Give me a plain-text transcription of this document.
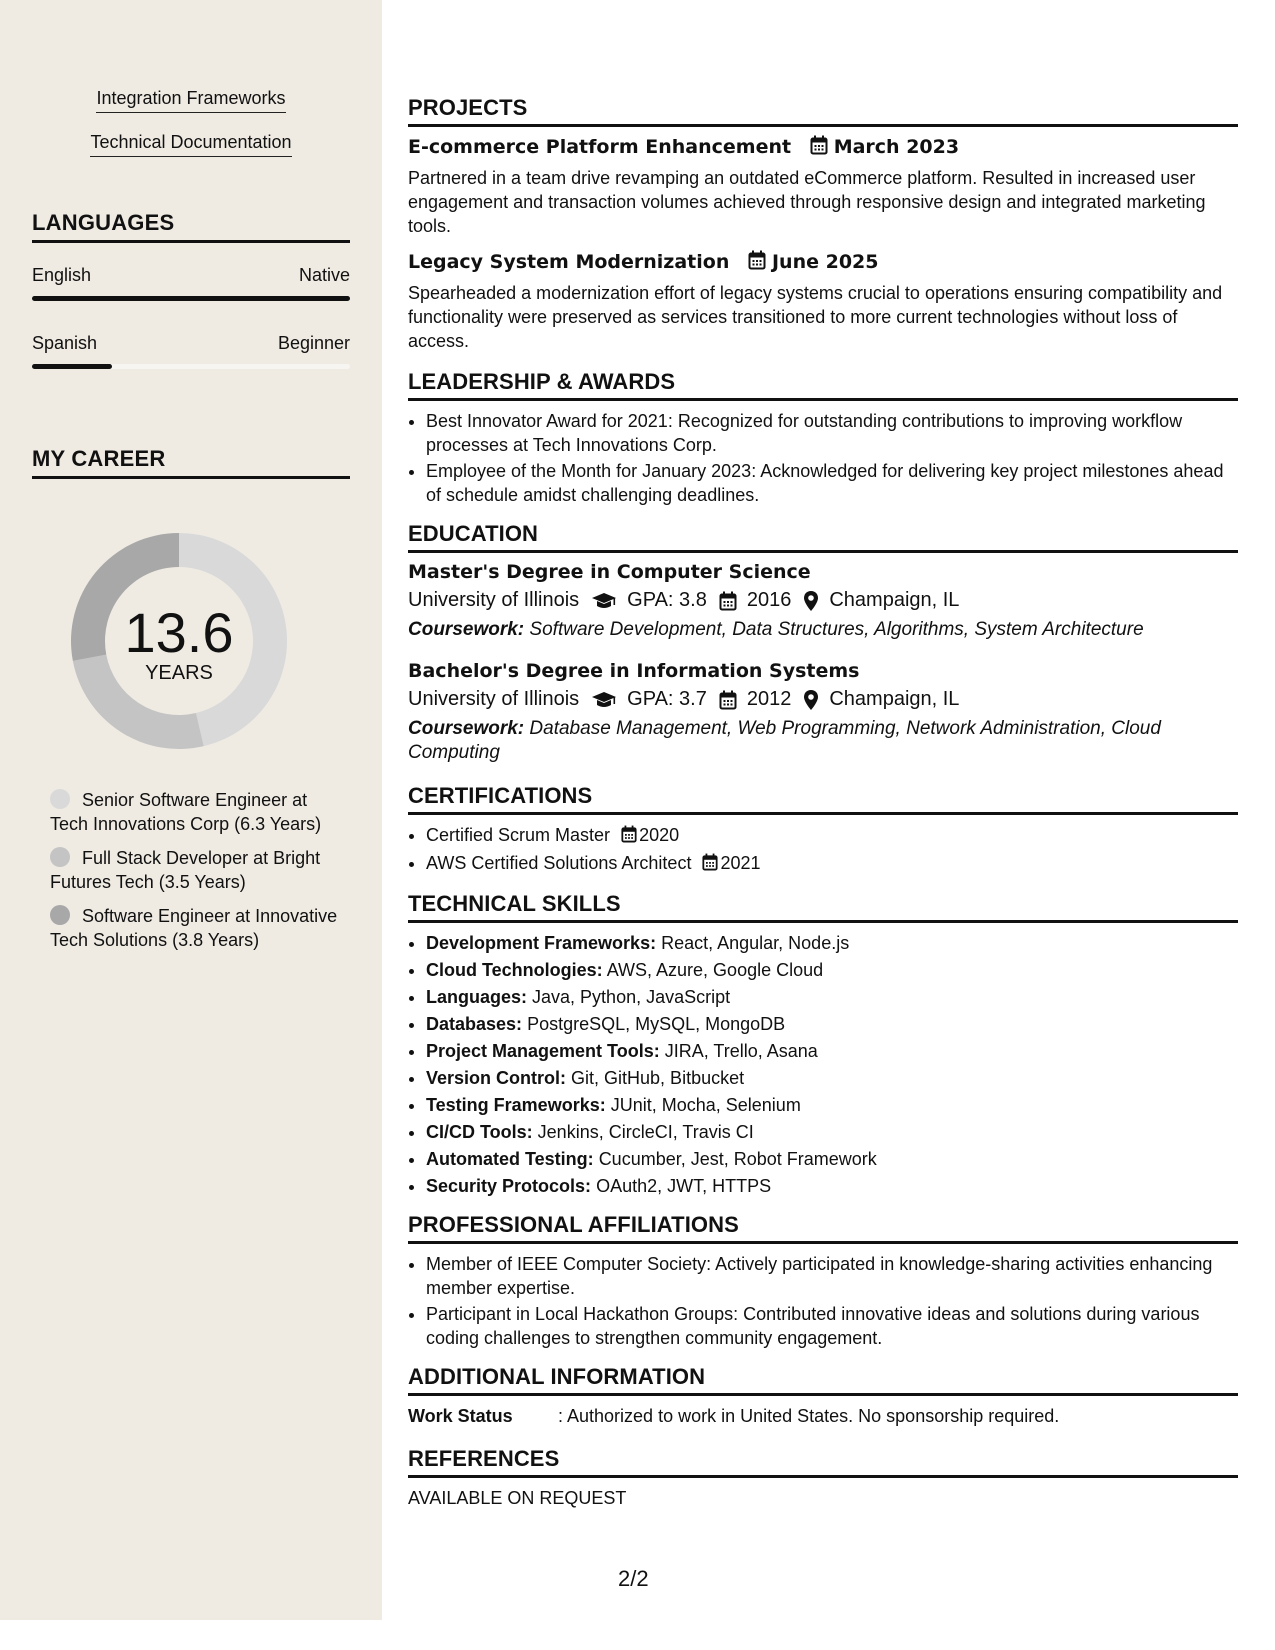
Integration Frameworks
Technical Documentation
LANGUAGES
English	Native
Spanish	Beginner
MY CAREER
13.6
YEARS
Senior Software Engineer at Tech Innovations Corp (6.3 Years)
Full Stack Developer at Bright Futures Tech (3.5 Years)
Software Engineer at Innovative Tech Solutions (3.8 Years)
PROJECTS
E-commerce Platform Enhancement March 2023
Partnered in a team drive revamping an outdated eCommerce platform. Resulted in increased user engagement and transaction volumes achieved through responsive design and integrated marketing tools.
Legacy System Modernization June 2025
Spearheaded a modernization effort of legacy systems crucial to operations ensuring compatibility and functionality were preserved as services transitioned to more current technologies without loss of access.
LEADERSHIP & AWARDS
• Best Innovator Award for 2021: Recognized for outstanding contributions to improving workflow processes at Tech Innovations Corp.
• Employee of the Month for January 2023: Acknowledged for delivering key project milestones ahead of schedule amidst challenging deadlines.
EDUCATION
Master's Degree in Computer Science
University of Illinois GPA: 3.8 2016 Champaign, IL
Coursework: Software Development, Data Structures, Algorithms, System Architecture
Bachelor's Degree in Information Systems
University of Illinois GPA: 3.7 2012 Champaign, IL
Coursework: Database Management, Web Programming, Network Administration, Cloud Computing
CERTIFICATIONS
• Certified Scrum Master 2020
• AWS Certified Solutions Architect 2021
TECHNICAL SKILLS
• Development Frameworks: React, Angular, Node.js
• Cloud Technologies: AWS, Azure, Google Cloud
• Languages: Java, Python, JavaScript
• Databases: PostgreSQL, MySQL, MongoDB
• Project Management Tools: JIRA, Trello, Asana
• Version Control: Git, GitHub, Bitbucket
• Testing Frameworks: JUnit, Mocha, Selenium
• CI/CD Tools: Jenkins, CircleCI, Travis CI
• Automated Testing: Cucumber, Jest, Robot Framework
• Security Protocols: OAuth2, JWT, HTTPS
PROFESSIONAL AFFILIATIONS
• Member of IEEE Computer Society: Actively participated in knowledge-sharing activities enhancing member expertise.
• Participant in Local Hackathon Groups: Contributed innovative ideas and solutions during various coding challenges to strengthen community engagement.
ADDITIONAL INFORMATION
Work Status	: Authorized to work in United States. No sponsorship required.
REFERENCES
AVAILABLE ON REQUEST
2/2
